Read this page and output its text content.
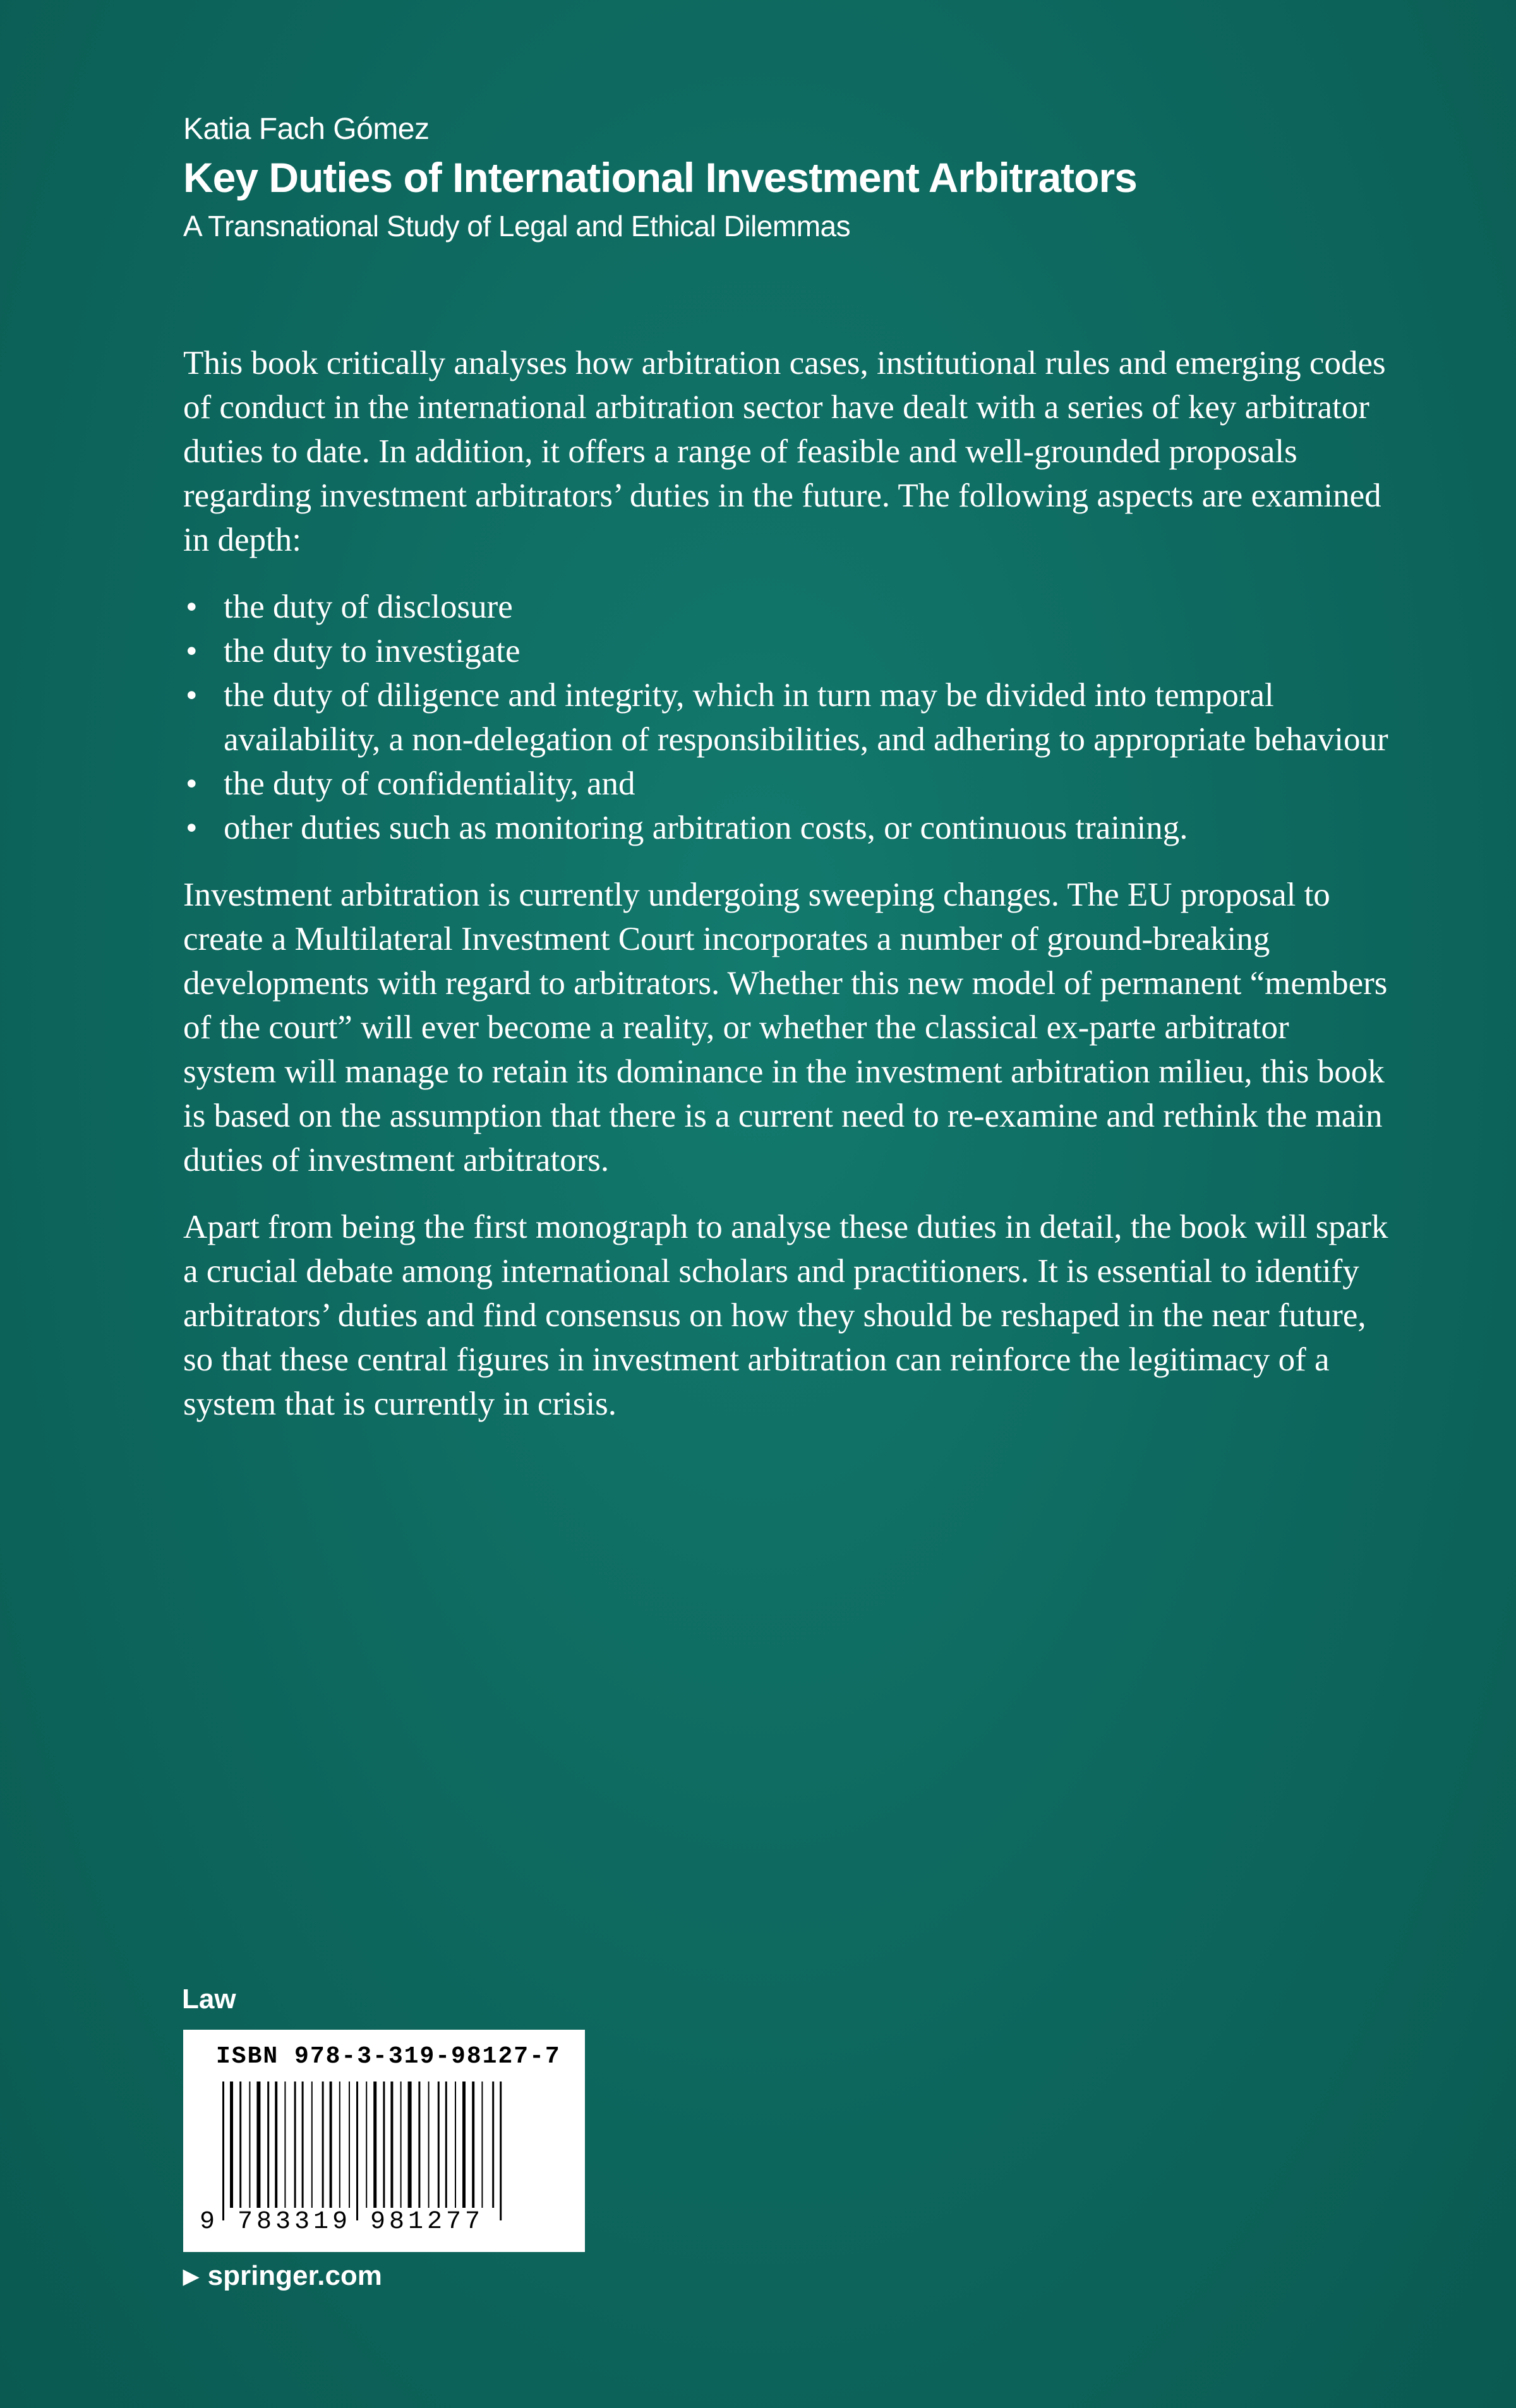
Katia Fach Gómez

Key Duties of International Investment Arbitrators

A Transnational Study of Legal and Ethical Dilemmas

This book critically analyses how arbitration cases, institutional rules and emerging codes of conduct in the international arbitration sector have dealt with a series of key arbitrator duties to date. In addition, it offers a range of feasible and well-grounded proposals regarding investment arbitrators’ duties in the future. The following aspects are examined in depth:

• the duty of disclosure
• the duty to investigate
• the duty of diligence and integrity, which in turn may be divided into temporal availability, a non-delegation of responsibilities, and adhering to appropriate behaviour
• the duty of confidentiality, and
• other duties such as monitoring arbitration costs, or continuous training.

Investment arbitration is currently undergoing sweeping changes. The EU proposal to create a Multilateral Investment Court incorporates a number of ground-breaking developments with regard to arbitrators. Whether this new model of permanent “members of the court” will ever become a reality, or whether the classical ex-parte arbitrator system will manage to retain its dominance in the investment arbitration milieu, this book is based on the assumption that there is a current need to re-examine and rethink the main duties of investment arbitrators.

Apart from being the first monograph to analyse these duties in detail, the book will spark a crucial debate among international scholars and practitioners. It is essential to identify arbitrators’ duties and find consensus on how they should be reshaped in the near future, so that these central figures in investment arbitration can reinforce the legitimacy of a system that is currently in crisis.

Law

ISBN 978-3-319-98127-7
9 783319 981277
▶ springer.com
